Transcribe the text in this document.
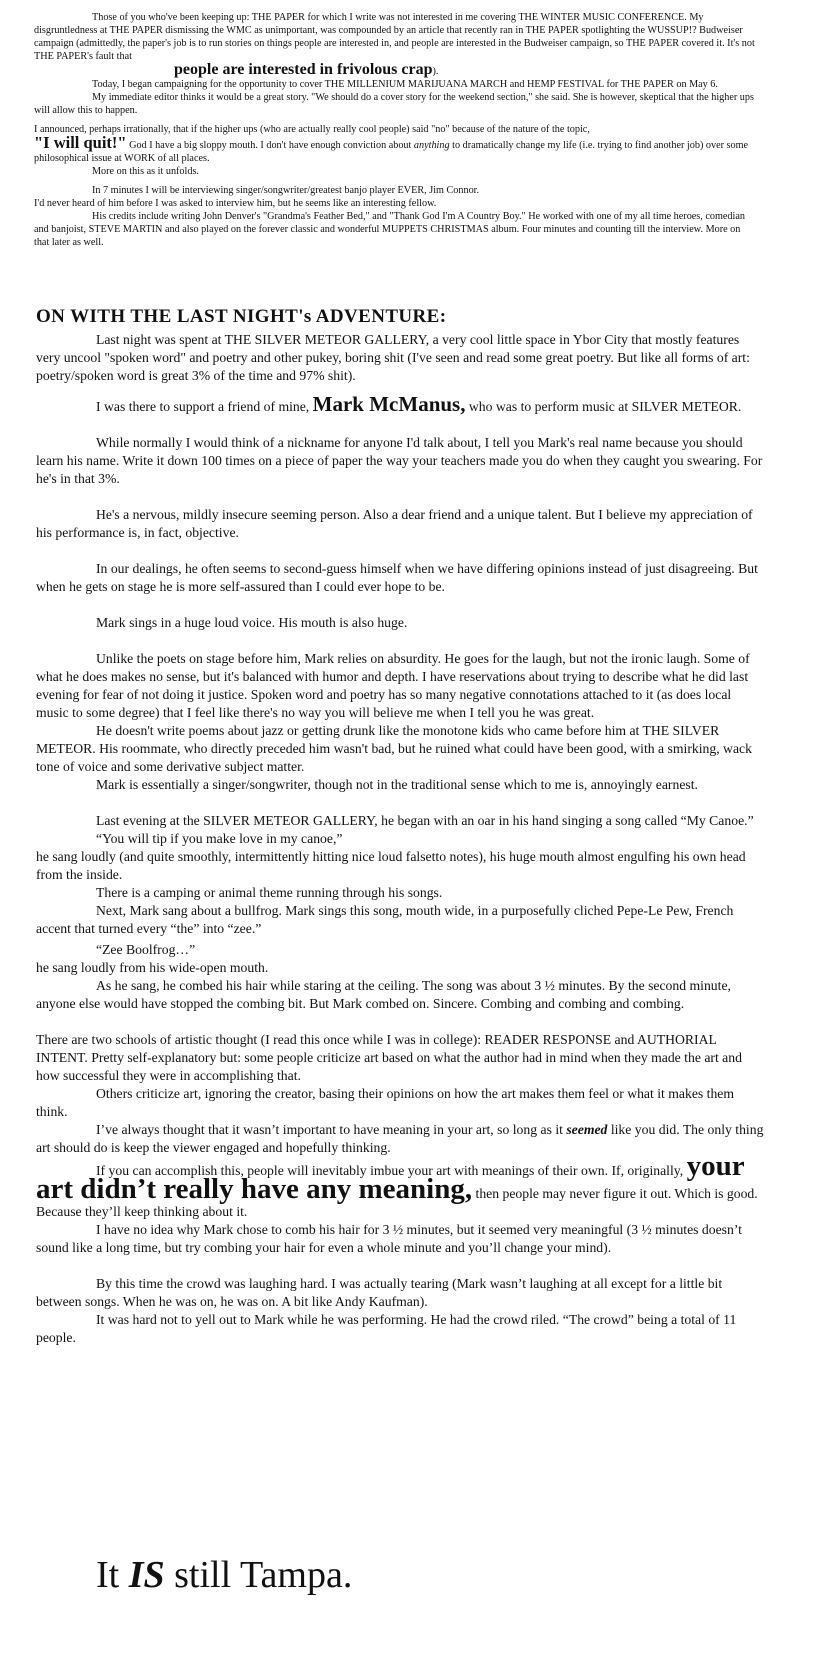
Those of you who've been keeping up: THE PAPER for which I write was not interested in me covering THE WINTER MUSIC CONFERENCE. My disgruntledness at THE PAPER dismissing the WMC as unimportant, was compounded by an article that recently ran in THE PAPER spotlighting the WUSSUP!? Budweiser campaign (admittedly, the paper's job is to run stories on things people are interested in, and people are interested in the Budweiser campaign, so THE PAPER covered it. It's not THE PAPER's fault that
people are interested in frivolous crap).

Today, I began campaigning for the opportunity to cover THE MILLENIUM MARIJUANA MARCH and HEMP FESTIVAL for THE PAPER on May 6.

My immediate editor thinks it would be a great story. "We should do a cover story for the weekend section," she said. She is however, skeptical that the higher ups will allow this to happen.

I announced, perhaps irrationally, that if the higher ups (who are actually really cool people) said "no" because of the nature of the topic,
"I will quit!" God I have a big sloppy mouth. I don't have enough conviction about anything to dramatically change my life (i.e. trying to find another job) over some philosophical issue at WORK of all places.

More on this as it unfolds.

In 7 minutes I will be interviewing singer/songwriter/greatest banjo player EVER, Jim Connor.

I'd never heard of him before I was asked to interview him, but he seems like an interesting fellow.

His credits include writing John Denver's "Grandma's Feather Bed," and "Thank God I'm A Country Boy." He worked with one of my all time heroes, comedian and banjoist, STEVE MARTIN and also played on the forever classic and wonderful MUPPETS CHRISTMAS album. Four minutes and counting till the interview. More on that later as well.

ON WITH THE LAST NIGHT's ADVENTURE:

Last night was spent at THE SILVER METEOR GALLERY, a very cool little space in Ybor City that mostly features very uncool "spoken word" and poetry and other pukey, boring shit (I've seen and read some great poetry. But like all forms of art: poetry/spoken word is great 3% of the time and 97% shit).

I was there to support a friend of mine, Mark McManus, who was to perform music at SILVER METEOR.

While normally I would think of a nickname for anyone I'd talk about, I tell you Mark's real name because you should learn his name. Write it down 100 times on a piece of paper the way your teachers made you do when they caught you swearing. For he's in that 3%.

He's a nervous, mildly insecure seeming person. Also a dear friend and a unique talent. But I believe my appreciation of his performance is, in fact, objective.

In our dealings, he often seems to second-guess himself when we have differing opinions instead of just disagreeing. But when he gets on stage he is more self-assured than I could ever hope to be.

Mark sings in a huge loud voice. His mouth is also huge.

Unlike the poets on stage before him, Mark relies on absurdity. He goes for the laugh, but not the ironic laugh. Some of what he does makes no sense, but it's balanced with humor and depth. I have reservations about trying to describe what he did last evening for fear of not doing it justice. Spoken word and poetry has so many negative connotations attached to it (as does local music to some degree) that I feel like there's no way you will believe me when I tell you he was great.

He doesn't write poems about jazz or getting drunk like the monotone kids who came before him at THE SILVER METEOR. His roommate, who directly preceded him wasn't bad, but he ruined what could have been good, with a smirking, wack tone of voice and some derivative subject matter.

Mark is essentially a singer/songwriter, though not in the traditional sense which to me is, annoyingly earnest.

Last evening at the SILVER METEOR GALLERY, he began with an oar in his hand singing a song called “My Canoe.”

“You will tip if you make love in my canoe,”

he sang loudly (and quite smoothly, intermittently hitting nice loud falsetto notes), his huge mouth almost engulfing his own head from the inside.

There is a camping or animal theme running through his songs.

Next, Mark sang about a bullfrog. Mark sings this song, mouth wide, in a purposefully cliched Pepe-Le Pew, French accent that turned every “the” into “zee.”

“Zee Boolfrog…”

he sang loudly from his wide-open mouth.

As he sang, he combed his hair while staring at the ceiling. The song was about 3 ½ minutes. By the second minute, anyone else would have stopped the combing bit. But Mark combed on. Sincere. Combing and combing and combing.

There are two schools of artistic thought (I read this once while I was in college): READER RESPONSE and AUTHORIAL INTENT. Pretty self-explanatory but: some people criticize art based on what the author had in mind when they made the art and how successful they were in accomplishing that.

Others criticize art, ignoring the creator, basing their opinions on how the art makes them feel or what it makes them think.

I’ve always thought that it wasn’t important to have meaning in your art, so long as it seemed like you did. The only thing art should do is keep the viewer engaged and hopefully thinking.

If you can accomplish this, people will inevitably imbue your art with meanings of their own. If, originally, your art didn’t really have any meaning, then people may never figure it out. Which is good. Because they’ll keep thinking about it.

I have no idea why Mark chose to comb his hair for 3 ½ minutes, but it seemed very meaningful (3 ½ minutes doesn’t sound like a long time, but try combing your hair for even a whole minute and you’ll change your mind).

By this time the crowd was laughing hard. I was actually tearing (Mark wasn’t laughing at all except for a little bit between songs. When he was on, he was on. A bit like Andy Kaufman).

It was hard not to yell out to Mark while he was performing. He had the crowd riled. “The crowd” being a total of 11 people.

It IS still Tampa.
